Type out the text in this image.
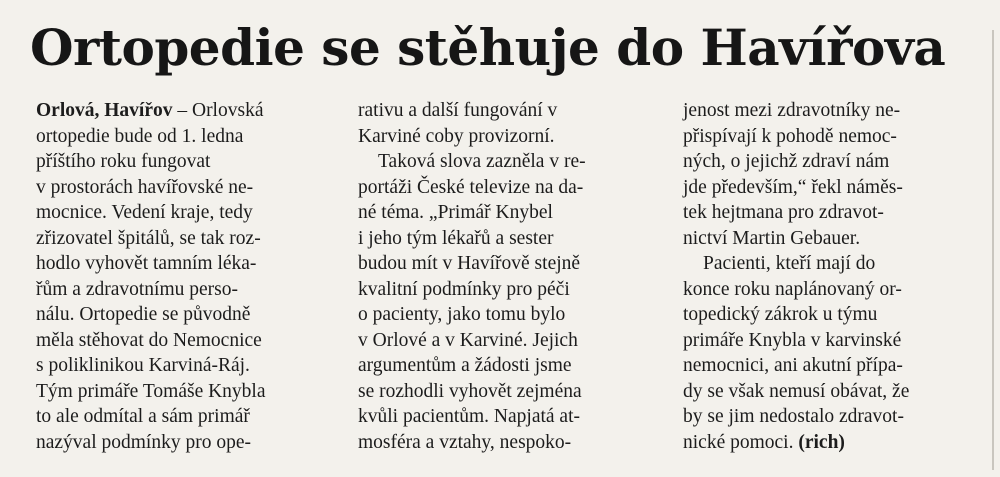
Ortopedie se stěhuje do Havířova
Orlová, Havířov – Orlovská
ortopedie bude od 1. ledna
příštího roku fungovat
v prostorách havířovské ne-
mocnice. Vedení kraje, tedy
zřizovatel špitálů, se tak roz-
hodlo vyhovět tamním léka-
řům a zdravotnímu perso-
nálu. Ortopedie se původně
měla stěhovat do Nemocnice
s poliklinikou Karviná-Ráj.
Tým primáře Tomáše Knybla
to ale odmítal a sám primář
nazýval podmínky pro ope-
rativu a další fungování v
Karviné coby provizorní.
Taková slova zazněla v re-
portáži České televize na da-
né téma. „Primář Knybel
i jeho tým lékařů a sester
budou mít v Havířově stejně
kvalitní podmínky pro péči
o pacienty, jako tomu bylo
v Orlové a v Karviné. Jejich
argumentům a žádosti jsme
se rozhodli vyhovět zejména
kvůli pacientům. Napjatá at-
mosféra a vztahy, nespoko-
jenost mezi zdravotníky ne-
přispívají k pohodě nemoc-
ných, o jejichž zdraví nám
jde především,“ řekl náměs-
tek hejtmana pro zdravot-
nictví Martin Gebauer.
Pacienti, kteří mají do
konce roku naplánovaný or-
topedický zákrok u týmu
primáře Knybla v karvinské
nemocnici, ani akutní přípa-
dy se však nemusí obávat, že
by se jim nedostalo zdravot-
nické pomoci. (rich)
